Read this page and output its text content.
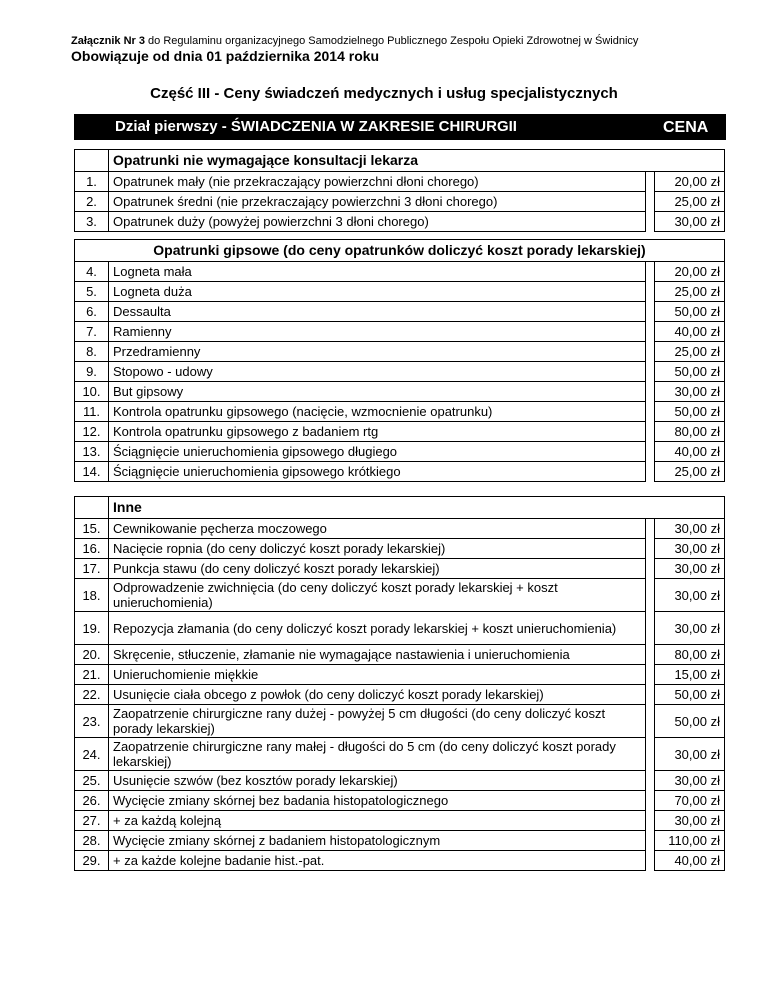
Załącznik Nr 3 do Regulaminu organizacyjnego Samodzielnego Publicznego Zespołu Opieki Zdrowotnej w Świdnicy
Obowiązuje od dnia 01 października 2014 roku
Część III - Ceny świadczeń medycznych i usług specjalistycznych
Dział pierwszy - ŚWIADCZENIA W ZAKRESIE CHIRURGII	CENA
	Opatrunki nie wymagające konsultacji lekarza		
1.	Opatrunek mały (nie przekraczający powierzchni dłoni chorego)		20,00 zł
2.	Opatrunek średni (nie przekraczający powierzchni 3 dłoni chorego)		25,00 zł
3.	Opatrunek duży (powyżej powierzchni 3 dłoni chorego)		30,00 zł
Opatrunki gipsowe (do ceny opatrunków doliczyć koszt porady lekarskiej)			
4.	Logneta mała		20,00 zł
5.	Logneta duża		25,00 zł
6.	Dessaulta		50,00 zł
7.	Ramienny		40,00 zł
8.	Przedramienny		25,00 zł
9.	Stopowo - udowy		50,00 zł
10.	But gipsowy		30,00 zł
11.	Kontrola opatrunku gipsowego (nacięcie, wzmocnienie opatrunku)		50,00 zł
12.	Kontrola opatrunku gipsowego z badaniem rtg		80,00 zł
13.	Ściągnięcie unieruchomienia gipsowego długiego		40,00 zł
14.	Ściągnięcie unieruchomienia gipsowego krótkiego		25,00 zł
	Inne		
15.	Cewnikowanie pęcherza moczowego		30,00 zł
16.	Nacięcie ropnia (do ceny doliczyć koszt porady lekarskiej)		30,00 zł
17.	Punkcja stawu (do ceny doliczyć koszt porady lekarskiej)		30,00 zł
18.	Odprowadzenie zwichnięcia (do ceny doliczyć koszt porady lekarskiej + koszt unieruchomienia)		30,00 zł
19.	Repozycja złamania (do ceny doliczyć koszt porady lekarskiej + koszt unieruchomienia)		30,00 zł
20.	Skręcenie, stłuczenie, złamanie nie wymagające nastawienia i unieruchomienia		80,00 zł
21.	Unieruchomienie miękkie		15,00 zł
22.	Usunięcie ciała obcego z powłok (do ceny doliczyć koszt porady lekarskiej)		50,00 zł
23.	Zaopatrzenie chirurgiczne rany dużej - powyżej 5 cm długości (do ceny doliczyć koszt porady lekarskiej)		50,00 zł
24.	Zaopatrzenie chirurgiczne rany małej - długości do 5 cm (do ceny doliczyć koszt porady lekarskiej)		30,00 zł
25.	Usunięcie szwów (bez kosztów porady lekarskiej)		30,00 zł
26.	Wycięcie zmiany skórnej bez badania histopatologicznego		70,00 zł
27.	+ za każdą kolejną		30,00 zł
28.	Wycięcie zmiany skórnej z badaniem histopatologicznym		110,00 zł
29.	+ za każde kolejne badanie hist.-pat.		40,00 zł
